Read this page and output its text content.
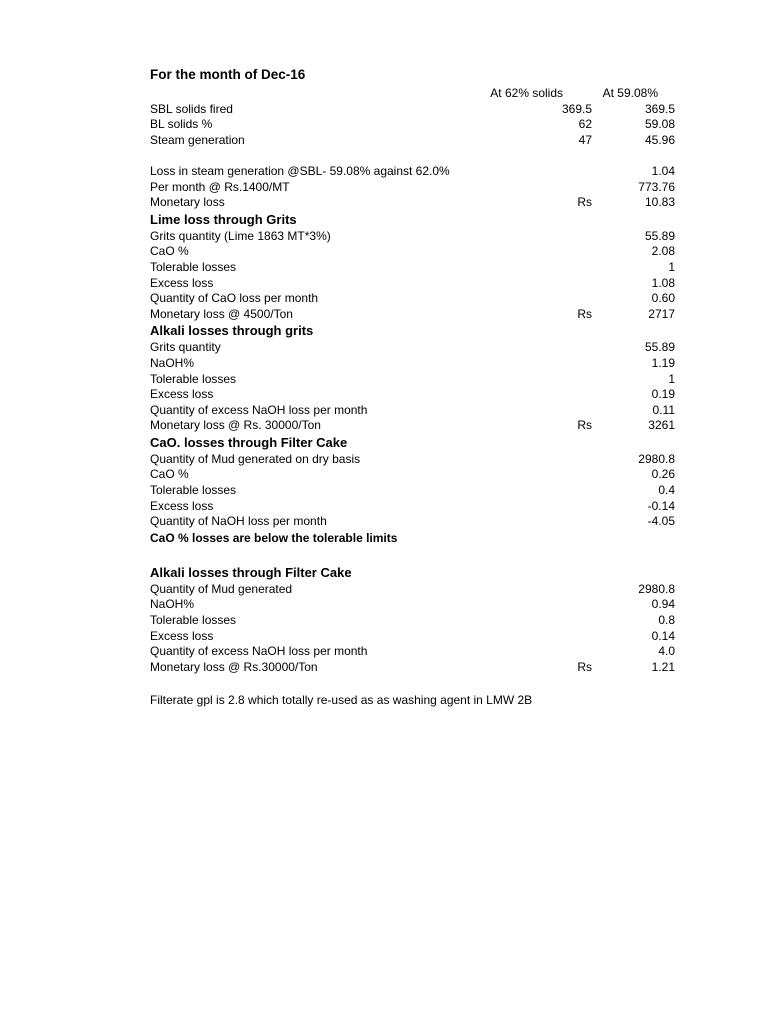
For the month of Dec-16
At 62% solids	At 59.08%
SBL solids fired	369.5	369.5
BL solids %	62	59.08
Steam generation	47	45.96
Loss in steam generation @SBL- 59.08% against 62.0%	1.04
Per month @ Rs.1400/MT	773.76
Monetary loss	Rs	10.83
Lime loss through Grits
Grits quantity (Lime 1863 MT*3%)	55.89
CaO %	2.08
Tolerable losses	1
Excess loss	1.08
Quantity of CaO loss per month	0.60
Monetary loss @ 4500/Ton	Rs	2717
Alkali losses through grits
Grits quantity	55.89
NaOH%	1.19
Tolerable losses	1
Excess loss	0.19
Quantity of excess NaOH loss per month	0.11
Monetary loss @ Rs. 30000/Ton	Rs	3261
CaO. losses through Filter Cake
Quantity of Mud generated on dry basis	2980.8
CaO %	0.26
Tolerable losses	0.4
Excess loss	-0.14
Quantity of NaOH loss per month	-4.05
CaO % losses are below the tolerable limits
Alkali losses through Filter Cake
Quantity of Mud generated	2980.8
NaOH%	0.94
Tolerable losses	0.8
Excess loss	0.14
Quantity of excess NaOH loss per month	4.0
Monetary loss @ Rs.30000/Ton	Rs	1.21
Filterate gpl is 2.8 which totally re-used as as washing agent in LMW 2B
